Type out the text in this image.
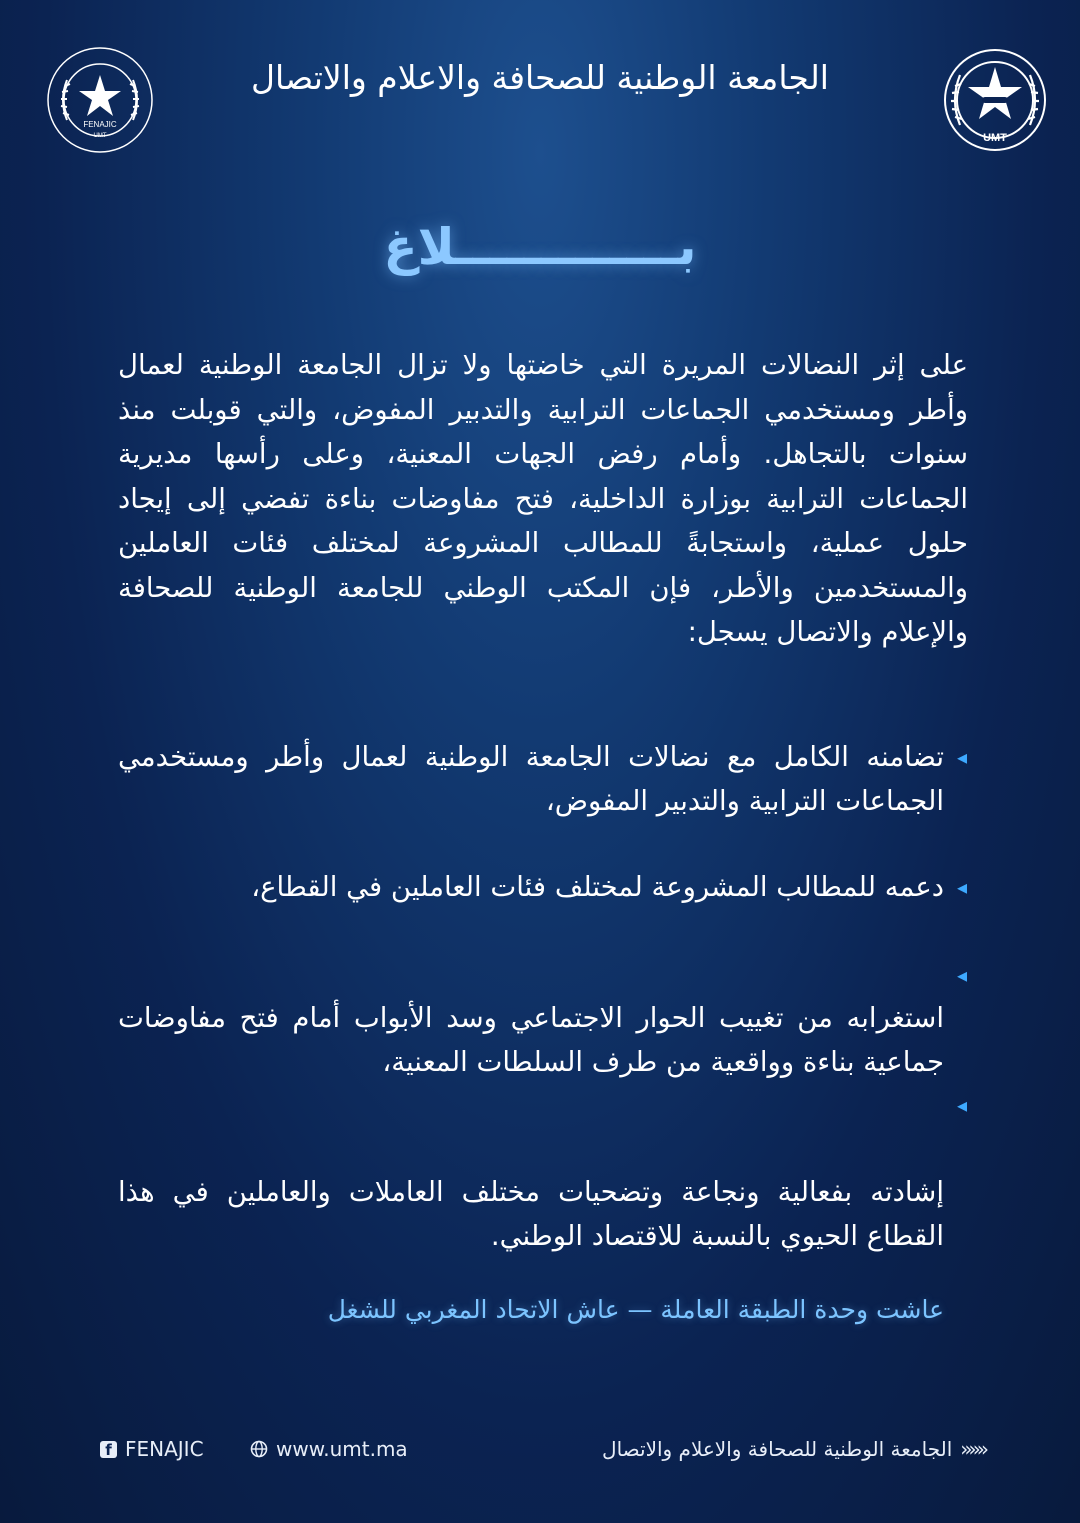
FENAJIC
UMT	UMT
الجامعة الوطنية للصحافة والاعلام والاتصال
بـــــــــــــلاغ
على إثر النضالات المريرة التي خاضتها ولا تزال الجامعة الوطنية لعمال وأطر ومستخدمي الجماعات الترابية والتدبير المفوض، والتي قوبلت منذ سنوات بالتجاهل. وأمام رفض الجهات المعنية، وعلى رأسها مديرية الجماعات الترابية بوزارة الداخلية، فتح مفاوضات بناءة تفضي إلى إيجاد حلول عملية، واستجابةً للمطالب المشروعة لمختلف فئات العاملين والمستخدمين والأطر، فإن المكتب الوطني للجامعة الوطنية للصحافة والإعلام والاتصال يسجل:
◂
تضامنه الكامل مع نضالات الجامعة الوطنية لعمال وأطر ومستخدمي الجماعات الترابية والتدبير المفوض،
◂
دعمه للمطالب المشروعة لمختلف فئات العاملين في القطاع،
◂
استغرابه من تغييب الحوار الاجتماعي وسد الأبواب أمام فتح مفاوضات جماعية بناءة وواقعية من طرف السلطات المعنية،
◂
إشادته بفعالية ونجاعة وتضحيات مختلف العاملات والعاملين في هذا القطاع الحيوي بالنسبة للاقتصاد الوطني.
عاشت وحدة الطبقة العاملة — عاش الاتحاد المغربي للشغل
f FENAJIC	www.umt.ma	«««
الجامعة الوطنية للصحافة والاعلام والاتصال
